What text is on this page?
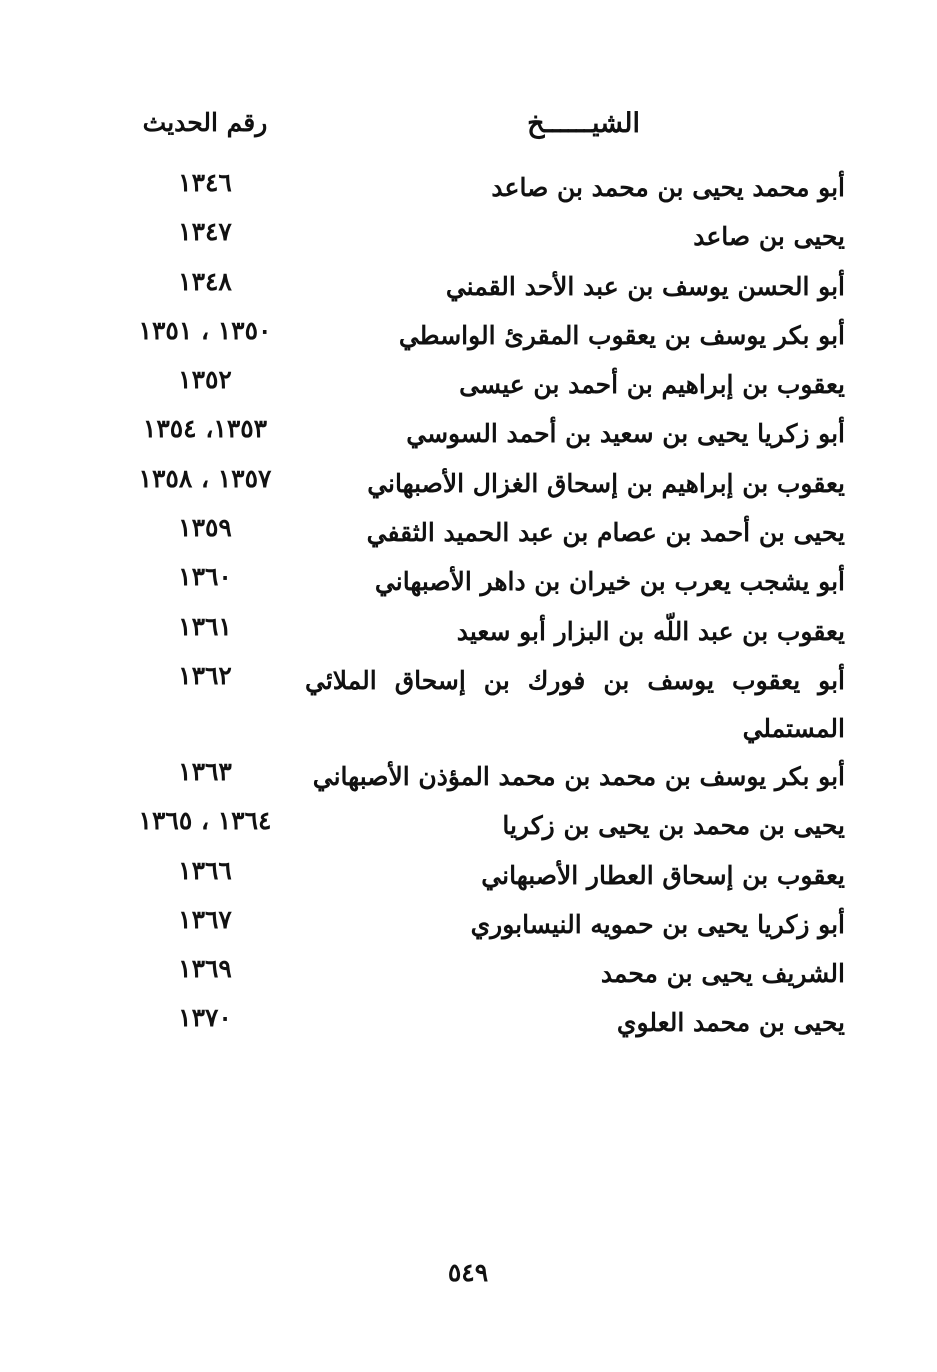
الشيــــــخ
رقم الحديث
أبو محمد يحيى بن محمد بن صاعد
١٣٤٦
يحيى بن صاعد
١٣٤٧
أبو الحسن يوسف بن عبد الأحد القمني
١٣٤٨
أبو بكر يوسف بن يعقوب المقرئ الواسطي
١٣٥٠ ، ١٣٥١
يعقوب بن إبراهيم بن أحمد بن عيسى
١٣٥٢
أبو زكريا يحيى بن سعيد بن أحمد السوسي
١٣٥٣، ١٣٥٤
يعقوب بن إبراهيم بن إسحاق الغزال الأصبهاني
١٣٥٧ ، ١٣٥٨
يحيى بن أحمد بن عصام بن عبد الحميد الثقفي
١٣٥٩
أبو يشجب يعرب بن خيران بن داهر الأصبهاني
١٣٦٠
يعقوب بن عبد اللّه بن البزار أبو سعيد
١٣٦١
أبو يعقوب يوسف بن فورك بن إسحاق الملائي المستملي
١٣٦٢
أبو بكر يوسف بن محمد بن محمد المؤذن الأصبهاني
١٣٦٣
يحيى بن محمد بن يحيى بن زكريا
١٣٦٤ ، ١٣٦٥
يعقوب بن إسحاق العطار الأصبهاني
١٣٦٦
أبو زكريا يحيى بن حمويه النيسابوري
١٣٦٧
الشريف يحيى بن محمد
١٣٦٩
يحيى بن محمد العلوي
١٣٧٠
٥٤٩
